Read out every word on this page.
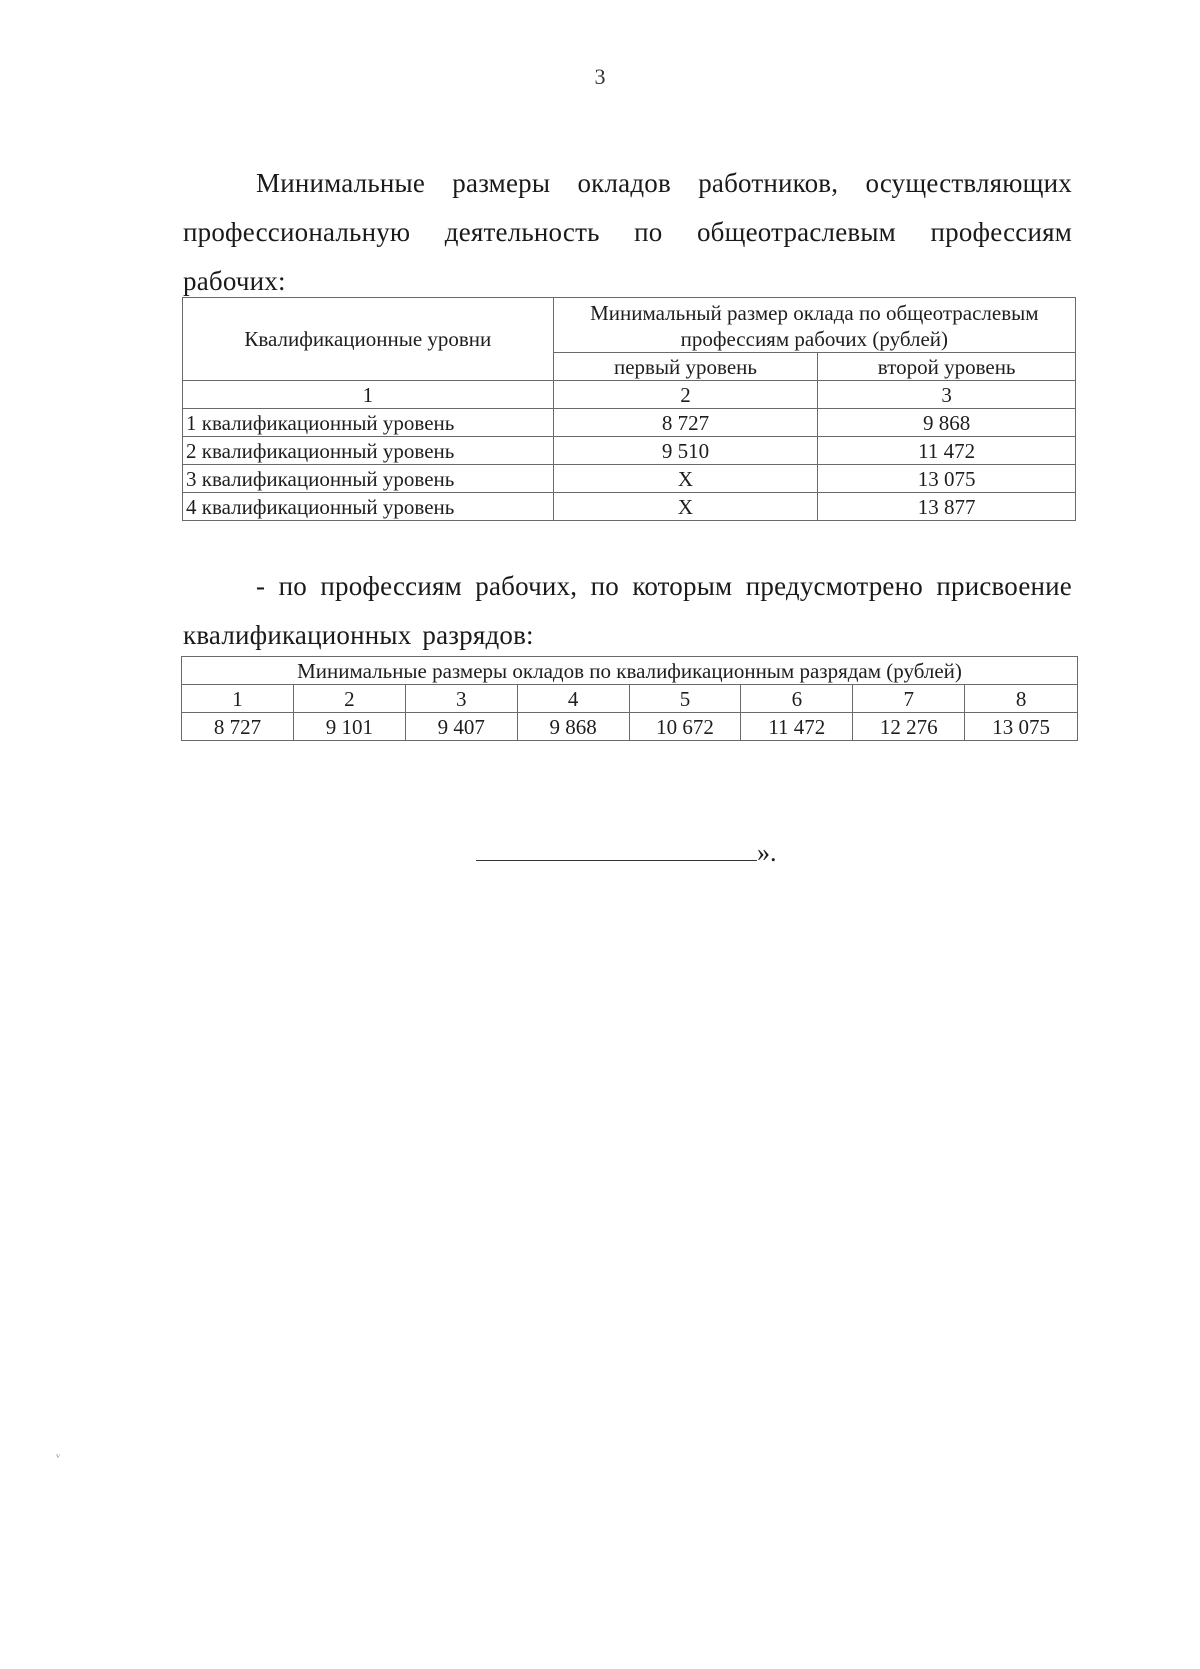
3

Минимальные размеры окладов работников, осуществляющих профессиональную деятельность по общеотраслевым профессиям рабочих:

Квалификационные уровни	Минимальный размер оклада по общеотраслевым профессиям рабочих (рублей)	
	первый уровень	второй уровень
1	2	3
1 квалификационный уровень	8 727	9 868
2 квалификационный уровень	9 510	11 472
3 квалификационный уровень	Х	13 075
4 квалификационный уровень	Х	13 877

- по профессиям рабочих, по которым предусмотрено присвоение квалификационных разрядов:

Минимальные размеры окладов по квалификационным разрядам (рублей)							
1	2	3	4	5	6	7	8
8 727	9 101	9 407	9 868	10 672	11 472	12 276	13 075
».
ᵥ
